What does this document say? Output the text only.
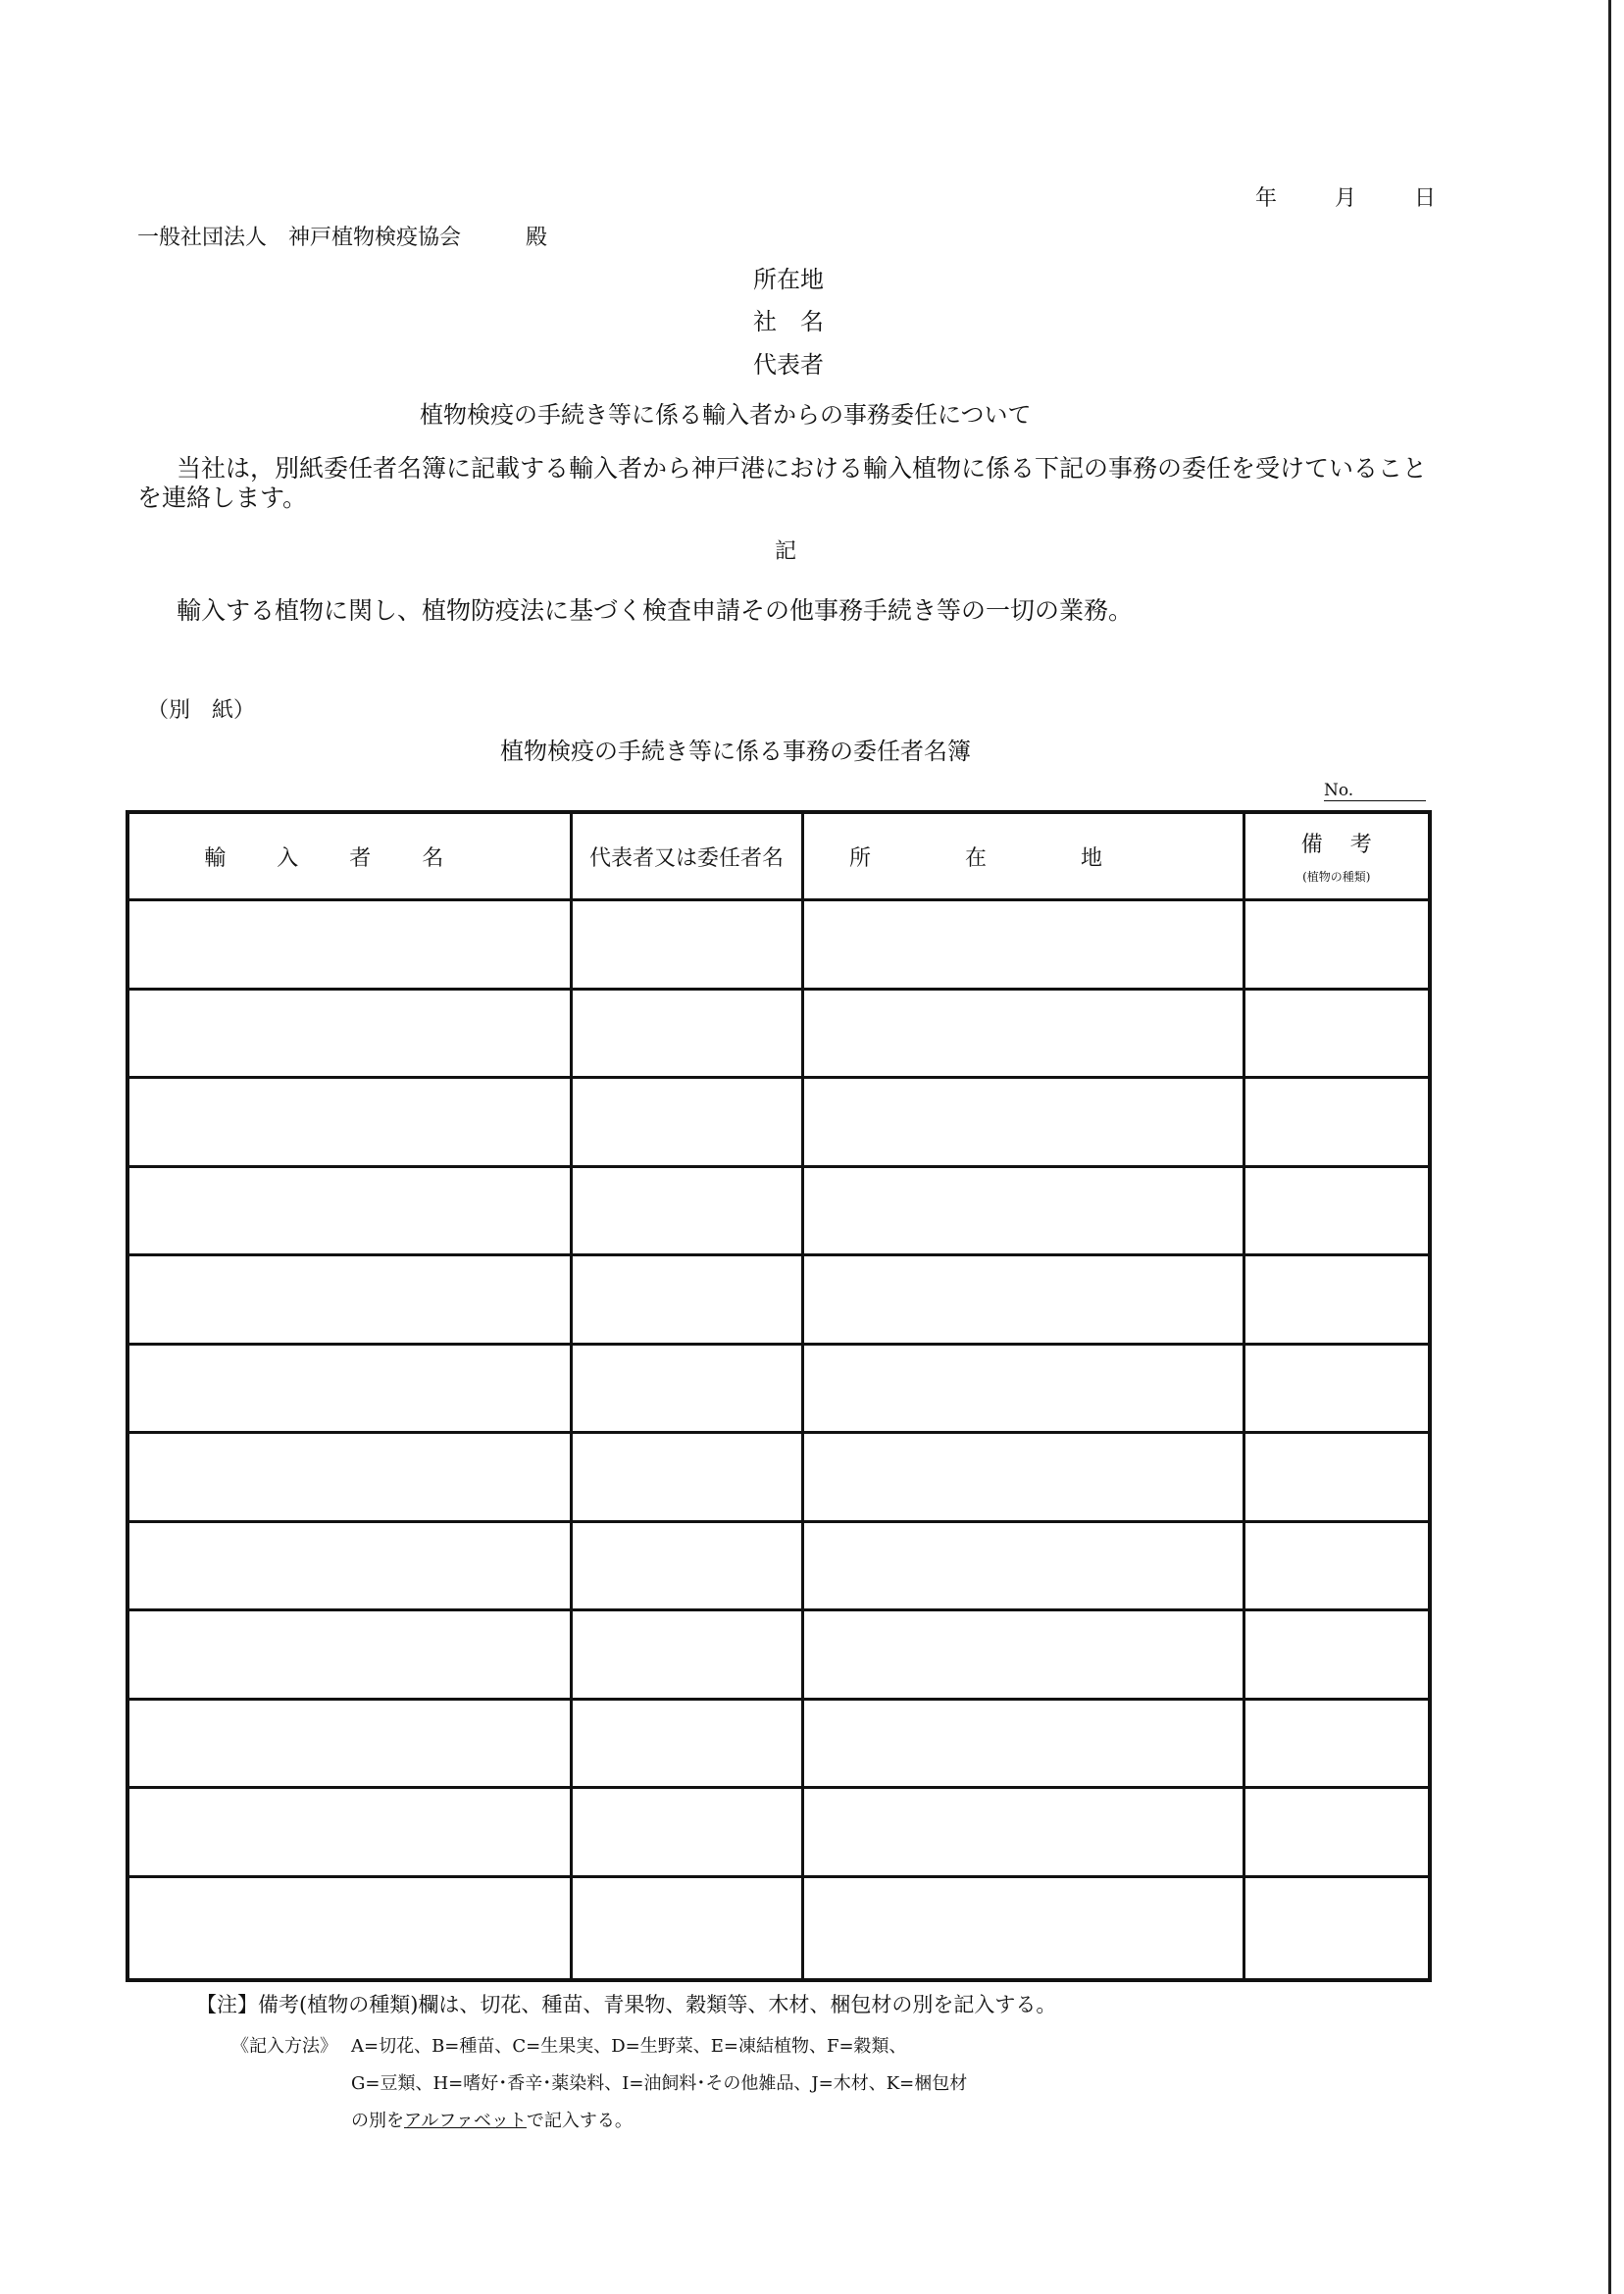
年	月	日
一般社団法人　 神戸植物検疫協会	殿
所在地
社　名
代表者
植物検疫の手続き等に係る輸入者からの事務委任について
当社は，別紙委任者名簿に記載する輸入者から神戸港における輸入植物に係る下記の事務の委任を受けていることを連絡します。
記
輸入する植物に関し、植物防疫法に基づく検査申請その他事務手続き等の一切の業務。
（別　紙）
植物検疫の手続き等に係る事務の委任者名簿
No.
輸入者名	代表者又は委任者名	所在地	備考
(植物の種類)

【注】備考(植物の種類)欄は、切花、種苗、青果物、穀類等、木材、梱包材の別を記入する。
《記入方法》 A=切花、B=種苗、C=生果実、D=生野菜、E=凍結植物、F=穀類、
G=豆類、H=嗜好･香辛･薬染料、I=油飼料･その他雑品、J=木材、K=梱包材
の別をアルファベットで記入する。
